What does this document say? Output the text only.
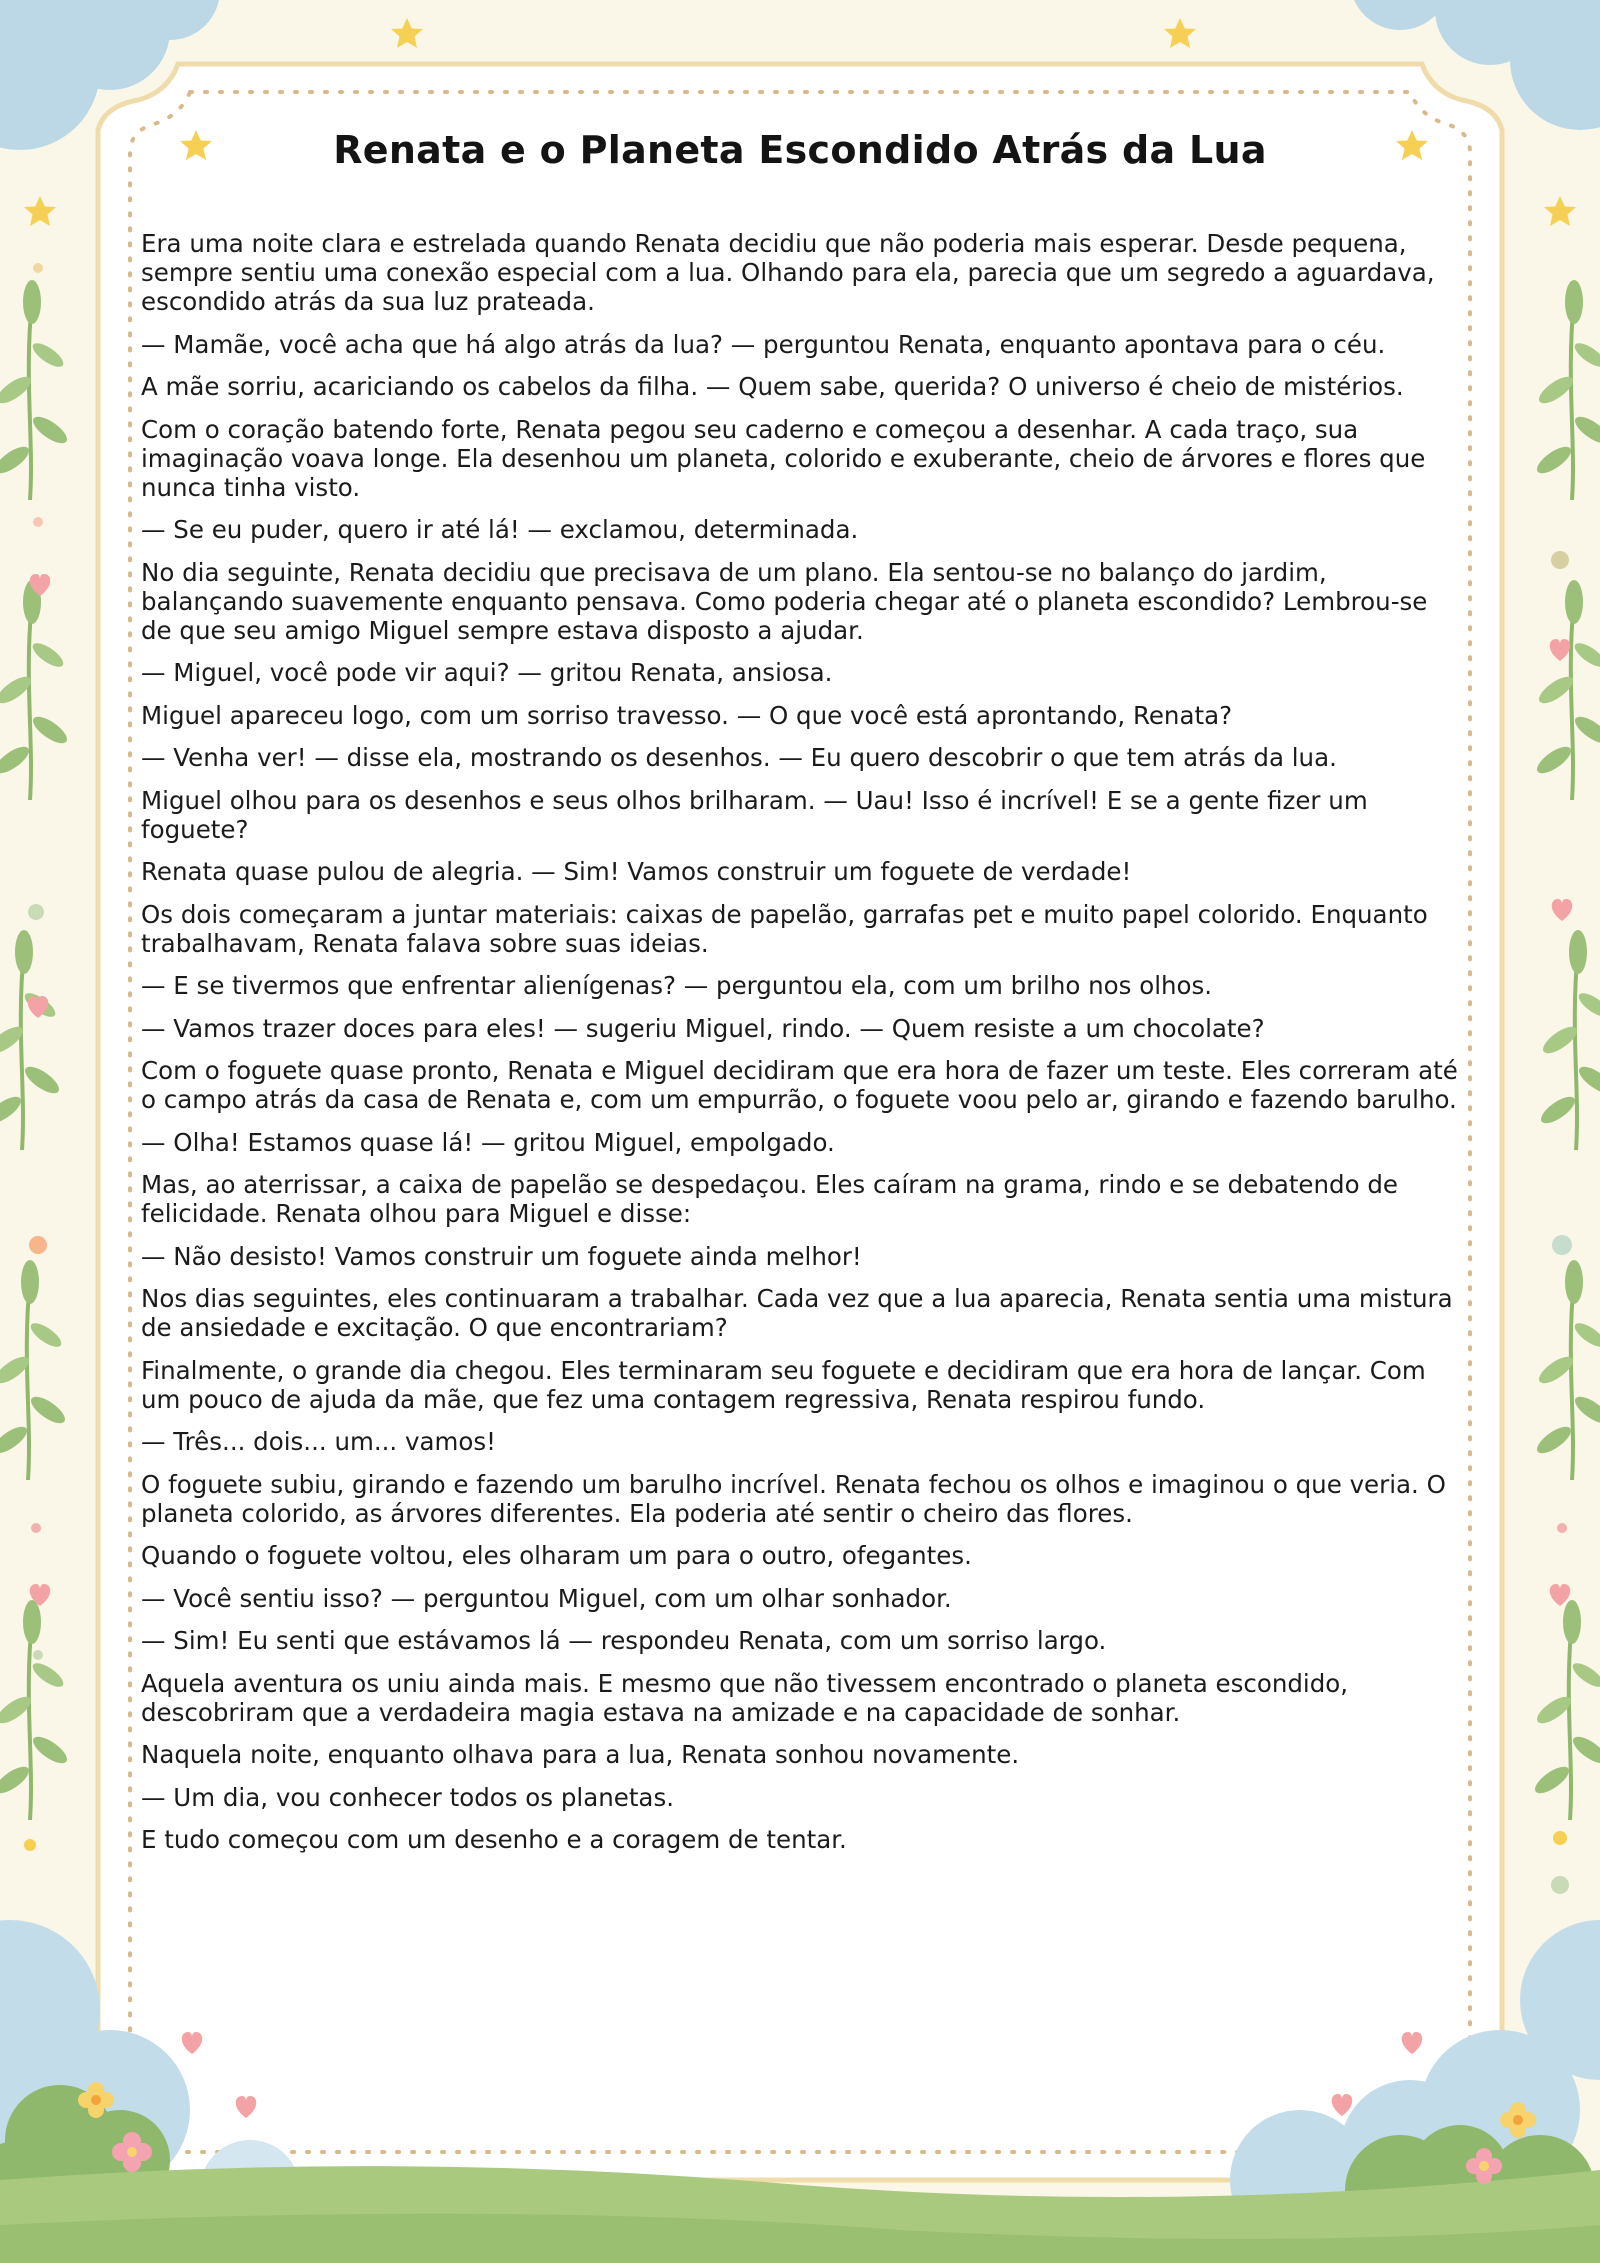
Renata e o Planeta Escondido Atrás da Lua

Era uma noite clara e estrelada quando Renata decidiu que não poderia mais esperar. Desde pequena, sempre sentiu uma conexão especial com a lua. Olhando para ela, parecia que um segredo a aguardava, escondido atrás da sua luz prateada.

— Mamãe, você acha que há algo atrás da lua? — perguntou Renata, enquanto apontava para o céu.

A mãe sorriu, acariciando os cabelos da filha. — Quem sabe, querida? O universo é cheio de mistérios.

Com o coração batendo forte, Renata pegou seu caderno e começou a desenhar. A cada traço, sua imaginação voava longe. Ela desenhou um planeta, colorido e exuberante, cheio de árvores e flores que nunca tinha visto.

— Se eu puder, quero ir até lá! — exclamou, determinada.

No dia seguinte, Renata decidiu que precisava de um plano. Ela sentou-se no balanço do jardim, balançando suavemente enquanto pensava. Como poderia chegar até o planeta escondido? Lembrou-se de que seu amigo Miguel sempre estava disposto a ajudar.

— Miguel, você pode vir aqui? — gritou Renata, ansiosa.

Miguel apareceu logo, com um sorriso travesso. — O que você está aprontando, Renata?

— Venha ver! — disse ela, mostrando os desenhos. — Eu quero descobrir o que tem atrás da lua.

Miguel olhou para os desenhos e seus olhos brilharam. — Uau! Isso é incrível! E se a gente fizer um foguete?

Renata quase pulou de alegria. — Sim! Vamos construir um foguete de verdade!

Os dois começaram a juntar materiais: caixas de papelão, garrafas pet e muito papel colorido. Enquanto trabalhavam, Renata falava sobre suas ideias.

— E se tivermos que enfrentar alienígenas? — perguntou ela, com um brilho nos olhos.

— Vamos trazer doces para eles! — sugeriu Miguel, rindo. — Quem resiste a um chocolate?

Com o foguete quase pronto, Renata e Miguel decidiram que era hora de fazer um teste. Eles correram até o campo atrás da casa de Renata e, com um empurrão, o foguete voou pelo ar, girando e fazendo barulho.

— Olha! Estamos quase lá! — gritou Miguel, empolgado.

Mas, ao aterrissar, a caixa de papelão se despedaçou. Eles caíram na grama, rindo e se debatendo de felicidade. Renata olhou para Miguel e disse:

— Não desisto! Vamos construir um foguete ainda melhor!

Nos dias seguintes, eles continuaram a trabalhar. Cada vez que a lua aparecia, Renata sentia uma mistura de ansiedade e excitação. O que encontrariam?

Finalmente, o grande dia chegou. Eles terminaram seu foguete e decidiram que era hora de lançar. Com um pouco de ajuda da mãe, que fez uma contagem regressiva, Renata respirou fundo.

— Três... dois... um... vamos!

O foguete subiu, girando e fazendo um barulho incrível. Renata fechou os olhos e imaginou o que veria. O planeta colorido, as árvores diferentes. Ela poderia até sentir o cheiro das flores.

Quando o foguete voltou, eles olharam um para o outro, ofegantes.

— Você sentiu isso? — perguntou Miguel, com um olhar sonhador.

— Sim! Eu senti que estávamos lá — respondeu Renata, com um sorriso largo.

Aquela aventura os uniu ainda mais. E mesmo que não tivessem encontrado o planeta escondido, descobriram que a verdadeira magia estava na amizade e na capacidade de sonhar.

Naquela noite, enquanto olhava para a lua, Renata sonhou novamente.

— Um dia, vou conhecer todos os planetas.

E tudo começou com um desenho e a coragem de tentar.
